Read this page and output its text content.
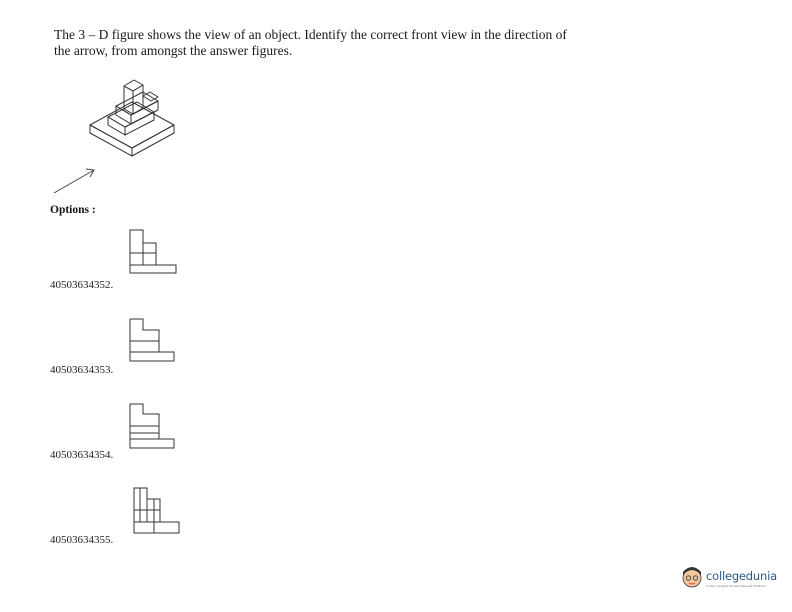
The 3 – D figure shows the view of an object. Identify the correct front view in the direction of
the arrow, from amongst the answer figures.
Options :
40503634352.
40503634353.
40503634354.
40503634355.
collegedunia
India's Largest Student Review Platform
